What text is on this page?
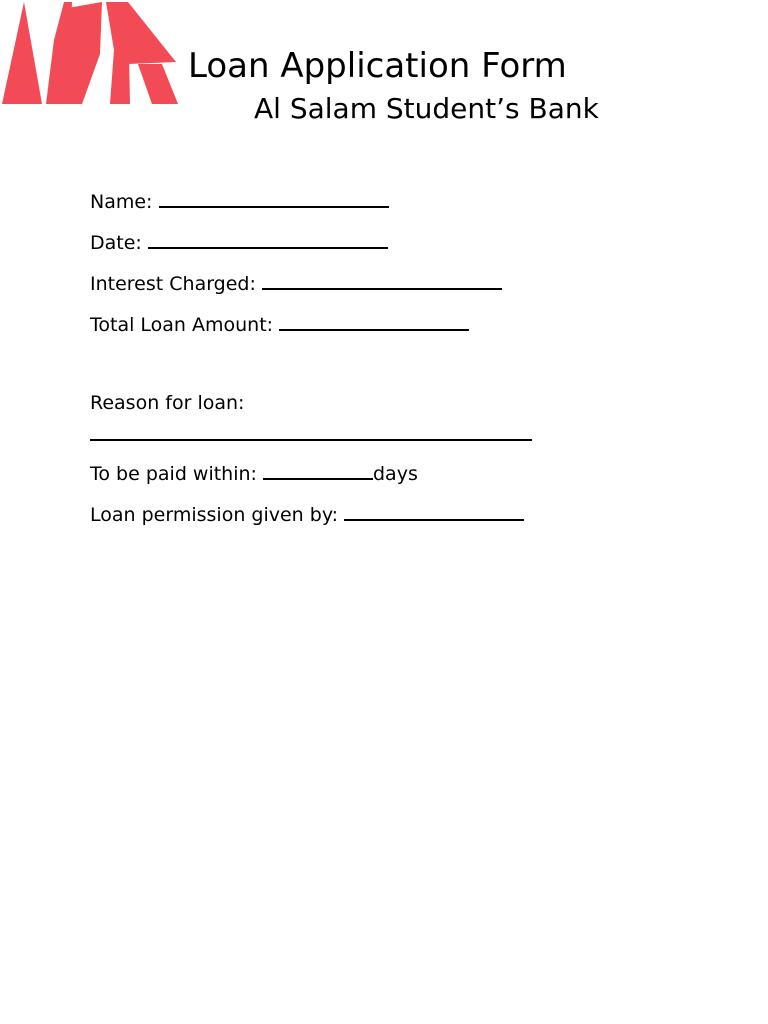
Loan Application Form
Al Salam Student’s Bank
Name:
Date:
Interest Charged:
Total Loan Amount:
Reason for loan:
To be paid within:	days
Loan permission given by:
